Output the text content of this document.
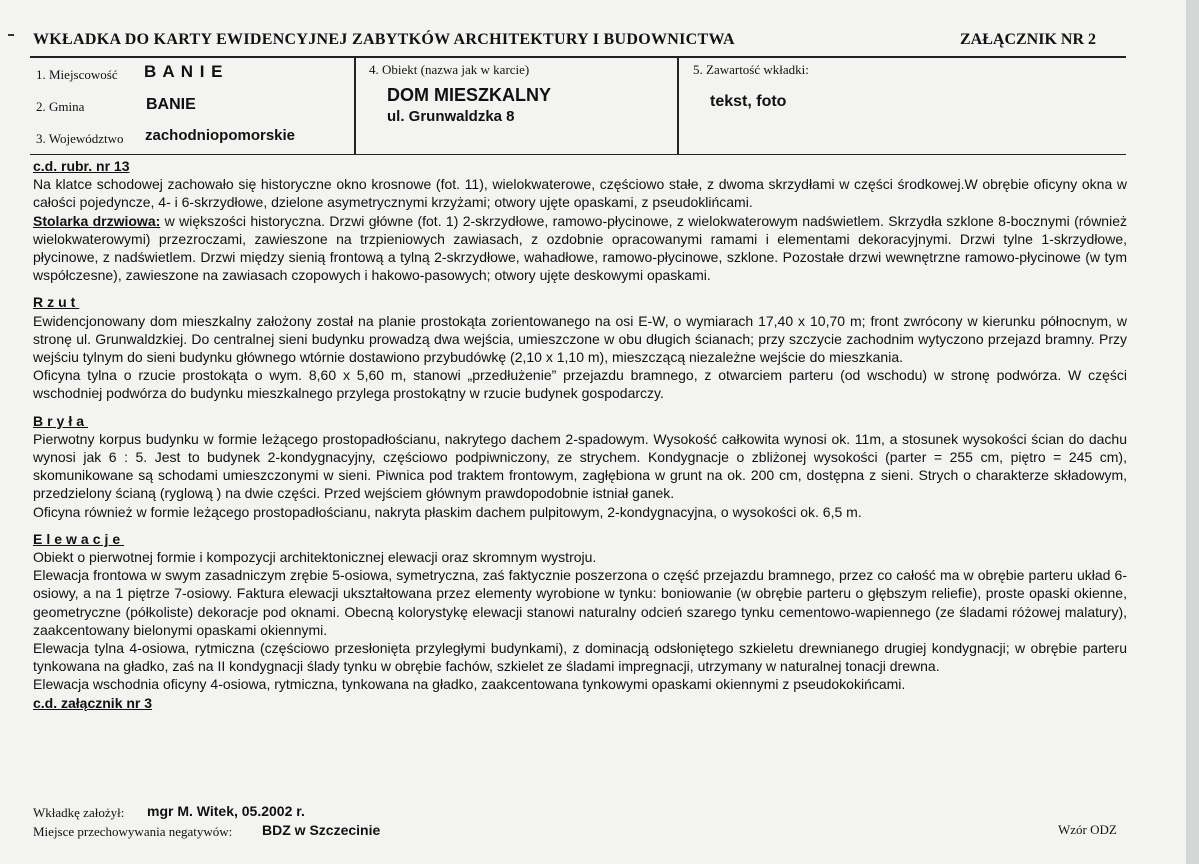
WKŁADKA DO KARTY EWIDENCYJNEJ ZABYTKÓW ARCHITEKTURY I BUDOWNICTWA	ZAŁĄCZNIK NR 2
1. Miejscowość B A N I E
2. Gmina	BANIE
3. Województwo zachodniopomorskie
4. Obiekt (nazwa jak w karcie)
DOM MIESZKALNY
ul. Grunwaldzka 8
5. Zawartość wkładki:
tekst, foto

c.d. rubr. nr 13

Na klatce schodowej zachowało się historyczne okno krosnowe (fot. 11), wielokwaterowe, częściowo stałe, z dwoma skrzydłami w części środkowej.W obrębie oficyny okna w całości pojedyncze, 4- i 6-skrzydłowe, dzielone asymetrycznymi krzyżami; otwory ujęte opaskami, z pseudoklińcami.

Stolarka drzwiowa: w większości historyczna. Drzwi główne (fot. 1) 2-skrzydłowe, ramowo-płycinowe, z wielokwaterowym nadświetlem. Skrzydła szklone 8-bocznymi (również wielokwaterowymi) przezroczami, zawieszone na trzpieniowych zawiasach, z ozdobnie opracowanymi ramami i elementami dekoracyjnymi. Drzwi tylne 1-skrzydłowe, płycinowe, z nadświetlem. Drzwi między sienią frontową a tylną 2-skrzydłowe, wahadłowe, ramowo-płycinowe, szklone. Pozostałe drzwi wewnętrzne ramowo-płycinowe (w tym współczesne), zawieszone na zawiasach czopowych i hakowo-pasowych; otwory ujęte deskowymi opaskami.

Rzut

Ewidencjonowany dom mieszkalny założony został na planie prostokąta zorientowanego na osi E-W, o wymiarach 17,40 x 10,70 m; front zwrócony w kierunku północnym, w stronę ul. Grunwaldzkiej. Do centralnej sieni budynku prowadzą dwa wejścia, umieszczone w obu długich ścianach; przy szczycie zachodnim wytyczono przejazd bramny. Przy wejściu tylnym do sieni budynku głównego wtórnie dostawiono przybudówkę (2,10 x 1,10 m), mieszczącą niezależne wejście do mieszkania.

Oficyna tylna o rzucie prostokąta o wym. 8,60 x 5,60 m, stanowi „przedłużenie” przejazdu bramnego, z otwarciem parteru (od wschodu) w stronę podwórza. W części wschodniej podwórza do budynku mieszkalnego przylega prostokątny w rzucie budynek gospodarczy.

Bryła

Pierwotny korpus budynku w formie leżącego prostopadłościanu, nakrytego dachem 2-spadowym. Wysokość całkowita wynosi ok. 11m, a stosunek wysokości ścian do dachu wynosi jak 6 : 5. Jest to budynek 2-kondygnacyjny, częściowo podpiwniczony, ze strychem. Kondygnacje o zbliżonej wysokości (parter = 255 cm, piętro = 245 cm), skomunikowane są schodami umieszczonymi w sieni. Piwnica pod traktem frontowym, zagłębiona w grunt na ok. 200 cm, dostępna z sieni. Strych o charakterze składowym, przedzielony ścianą (ryglową ) na dwie części. Przed wejściem głównym prawdopodobnie istniał ganek.

Oficyna również w formie leżącego prostopadłościanu, nakryta płaskim dachem pulpitowym, 2-kondygnacyjna, o wysokości ok. 6,5 m.

Elewacje

Obiekt o pierwotnej formie i kompozycji architektonicznej elewacji oraz skromnym wystroju.

Elewacja frontowa w swym zasadniczym zrębie 5-osiowa, symetryczna, zaś faktycznie poszerzona o część przejazdu bramnego, przez co całość ma w obrębie parteru układ 6-osiowy, a na 1 piętrze 7-osiowy. Faktura elewacji ukształtowana przez elementy wyrobione w tynku: boniowanie (w obrębie parteru o głębszym reliefie), proste opaski okienne, geometryczne (półkoliste) dekoracje pod oknami. Obecną kolorystykę elewacji stanowi naturalny odcień szarego tynku cementowo-wapiennego (ze śladami różowej malatury), zaakcentowany bielonymi opaskami okiennymi.

Elewacja tylna 4-osiowa, rytmiczna (częściowo przesłonięta przyległymi budynkami), z dominacją odsłoniętego szkieletu drewnianego drugiej kondygnacji; w obrębie parteru tynkowana na gładko, zaś na II kondygnacji ślady tynku w obrębie fachów, szkielet ze śladami impregnacji, utrzymany w naturalnej tonacji drewna.

Elewacja wschodnia oficyny 4-osiowa, rytmiczna, tynkowana na gładko, zaakcentowana tynkowymi opaskami okiennymi z pseudokokińcami.

c.d. załącznik nr 3

Wkładkę założył: mgr M. Witek, 05.2002 r.
Miejsce przechowywania negatywów: BDZ w Szczecinie	Wzór ODZ
